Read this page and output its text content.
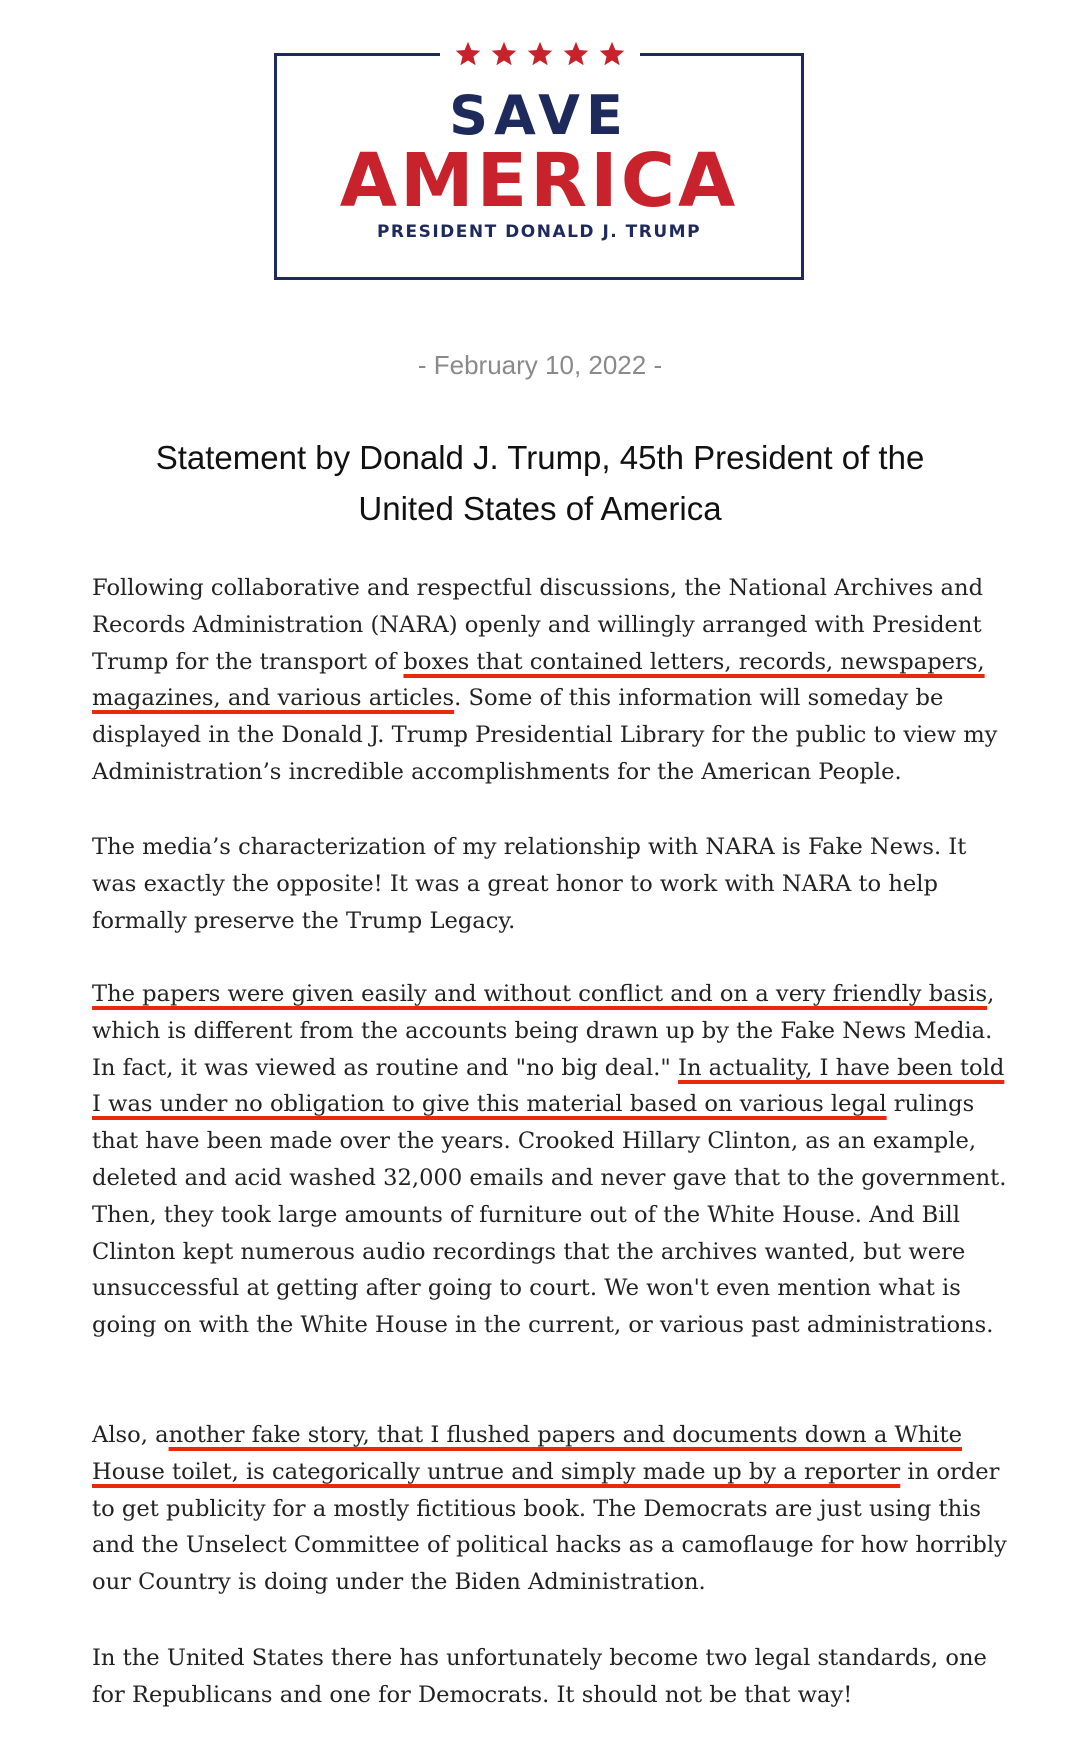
SAVE
AMERICA
PRESIDENT DONALD J. TRUMP
- February 10, 2022 -
Statement by Donald J. Trump, 45th President of the United States of America

Following collaborative and respectful discussions, the National Archives and Records Administration (NARA) openly and willingly arranged with President Trump for the transport of boxes that contained letters, records, newspapers, magazines, and various articles. Some of this information will someday be displayed in the Donald J. Trump Presidential Library for the public to view my Administration’s incredible accomplishments for the American People.

The media’s characterization of my relationship with NARA is Fake News. It was exactly the opposite! It was a great honor to work with NARA to help formally preserve the Trump Legacy.

The papers were given easily and without conflict and on a very friendly basis, which is different from the accounts being drawn up by the Fake News Media. In fact, it was viewed as routine and "no big deal." In actuality, I have been told I was under no obligation to give this material based on various legal rulings that have been made over the years. Crooked Hillary Clinton, as an example, deleted and acid washed 32,000 emails and never gave that to the government. Then, they took large amounts of furniture out of the White House. And Bill Clinton kept numerous audio recordings that the archives wanted, but were unsuccessful at getting after going to court. We won't even mention what is going on with the White House in the current, or various past administrations.

Also, another fake story, that I flushed papers and documents down a White House toilet, is categorically untrue and simply made up by a reporter in order to get publicity for a mostly fictitious book. The Democrats are just using this and the Unselect Committee of political hacks as a camoflauge for how horribly our Country is doing under the Biden Administration.

In the United States there has unfortunately become two legal standards, one for Republicans and one for Democrats. It should not be that way!
